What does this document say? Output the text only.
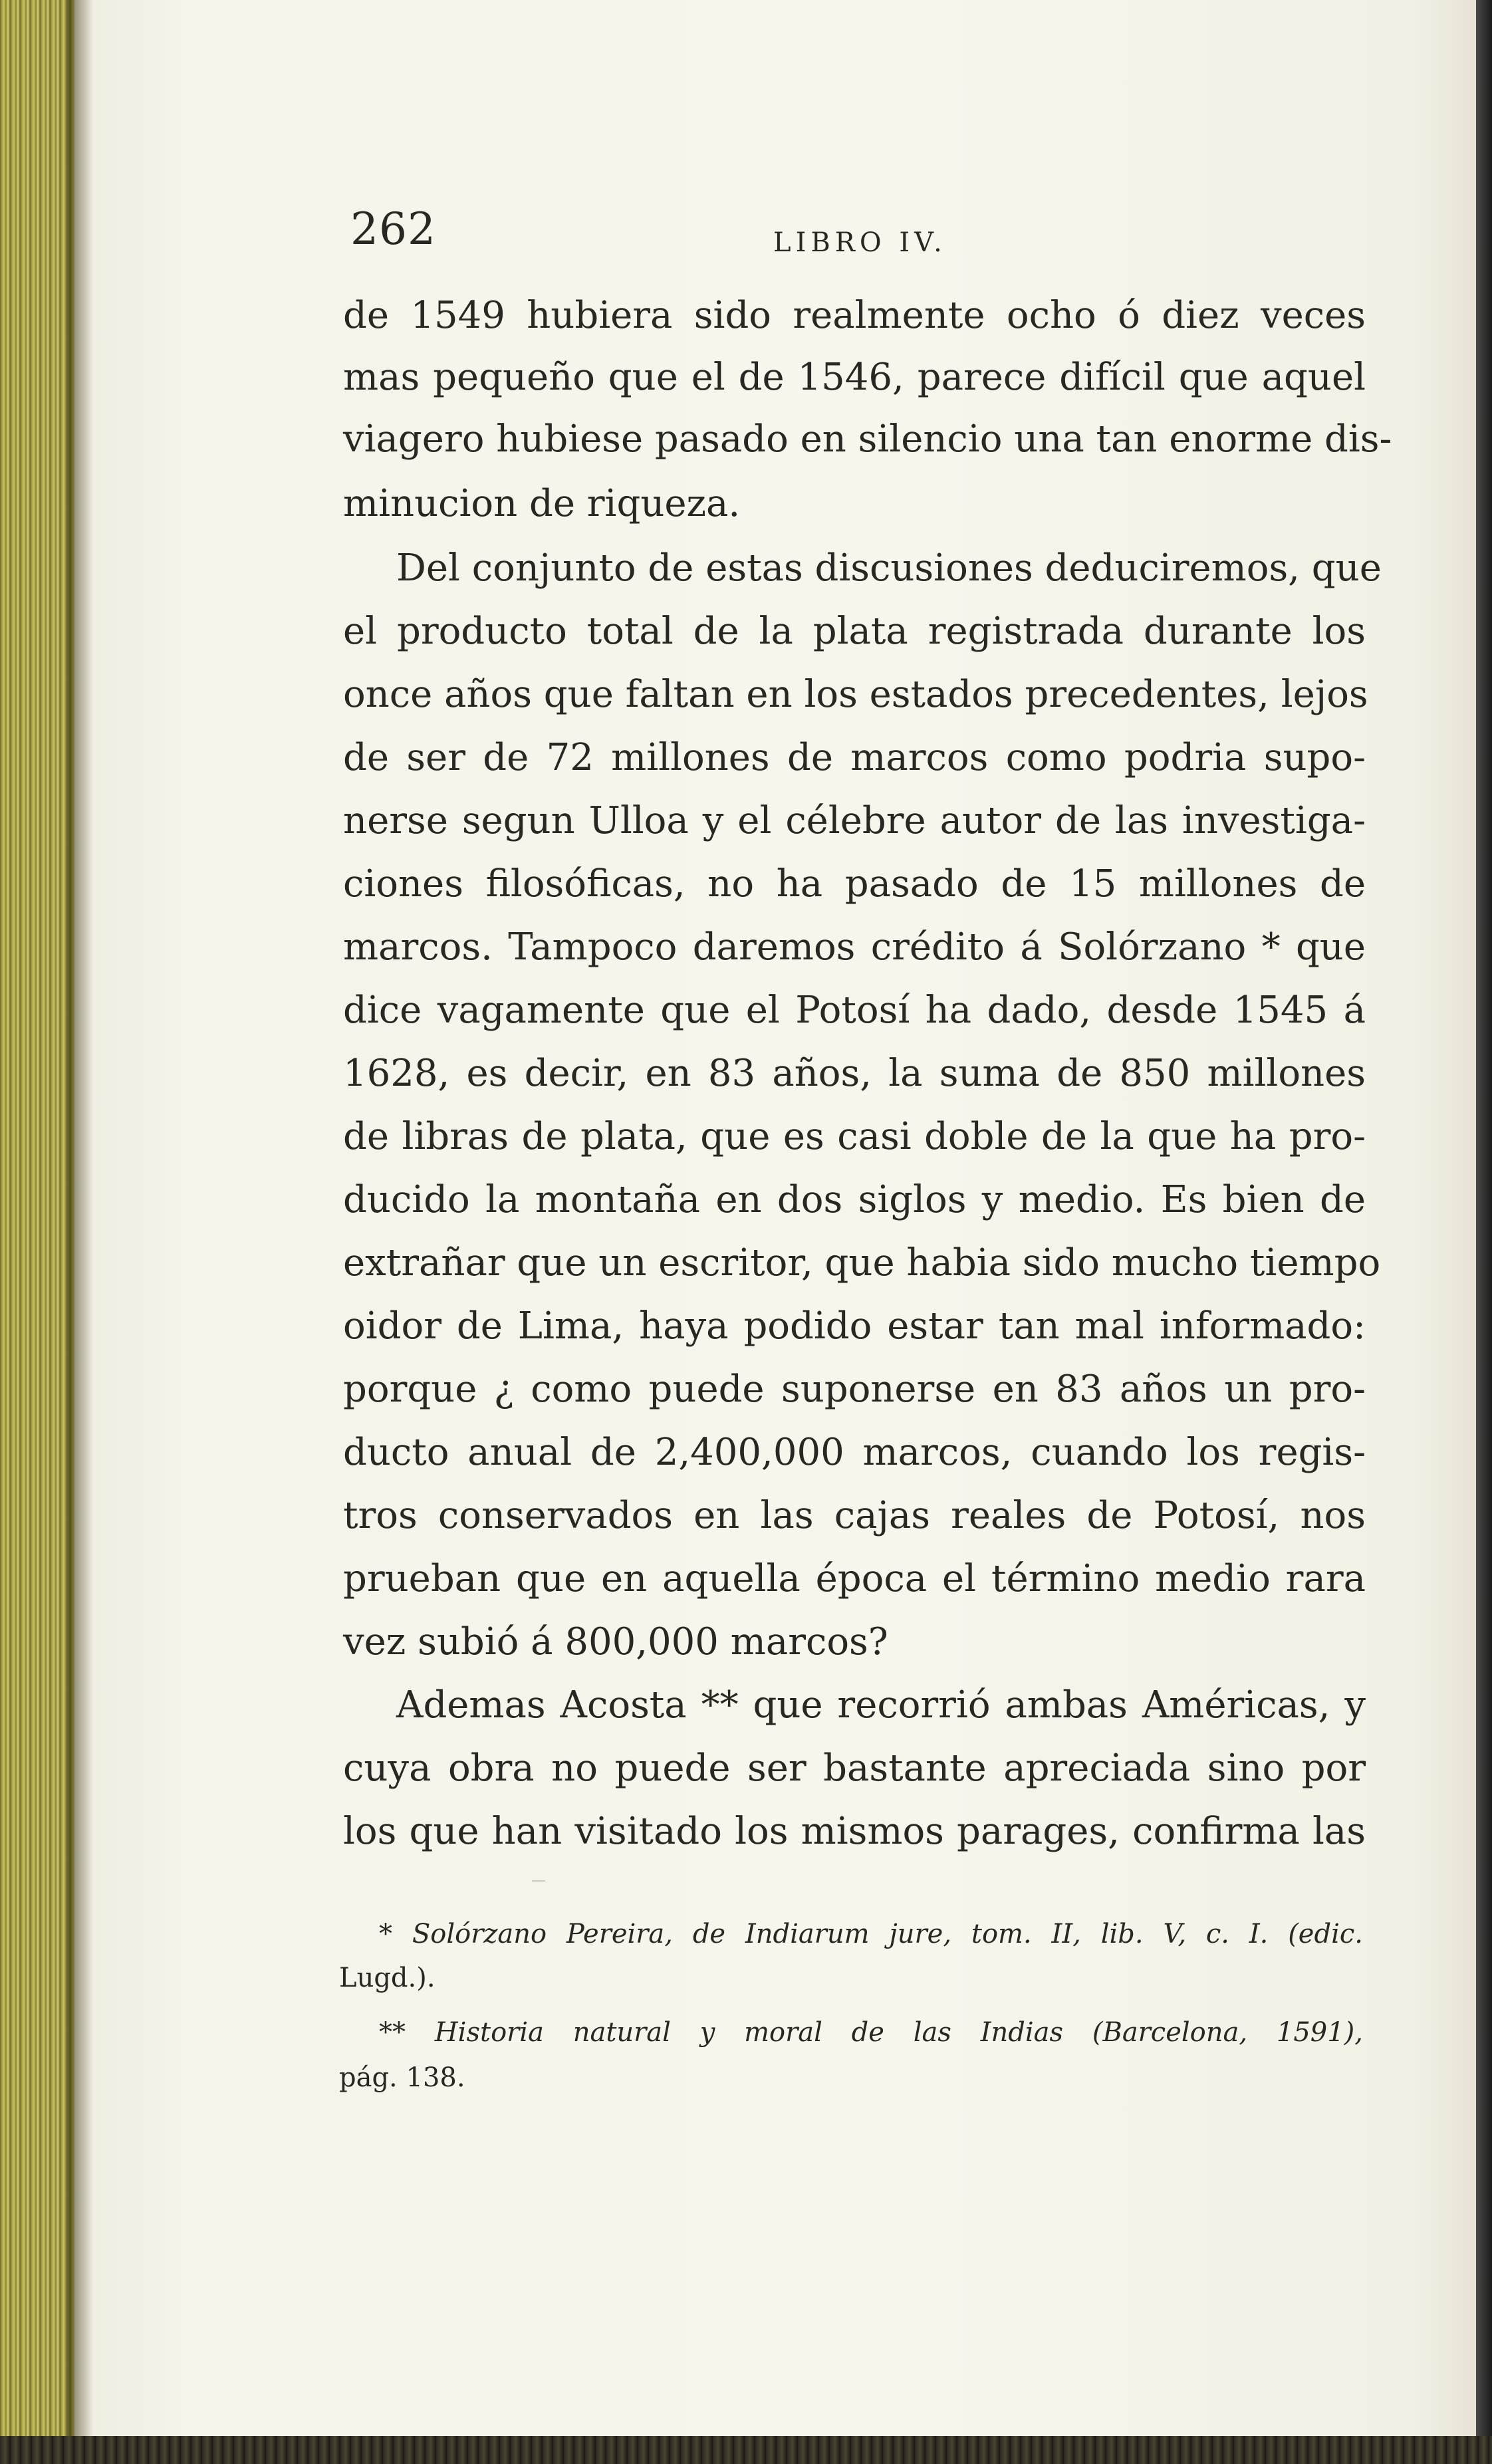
262	LIBRO IV.
de 1549 hubiera sido realmente ocho ó diez veces
mas pequeño que el de 1546, parece difícil que aquel
viagero hubiese pasado en silencio una tan enorme dis-
minucion de riqueza.
Del conjunto de estas discusiones deduciremos, que
el producto total de la plata registrada durante los
once años que faltan en los estados precedentes, lejos
de ser de 72 millones de marcos como podria supo-
nerse segun Ulloa y el célebre autor de las investiga-
ciones filosóficas, no ha pasado de 15 millones de
marcos. Tampoco daremos crédito á Solórzano * que
dice vagamente que el Potosí ha dado, desde 1545 á
1628, es decir, en 83 años, la suma de 850 millones
de libras de plata, que es casi doble de la que ha pro-
ducido la montaña en dos siglos y medio. Es bien de
extrañar que un escritor, que habia sido mucho tiempo
oidor de Lima, haya podido estar tan mal informado:
porque ¿ como puede suponerse en 83 años un pro-
ducto anual de 2,400,000 marcos, cuando los regis-
tros conservados en las cajas reales de Potosí, nos
prueban que en aquella época el término medio rara
vez subió á 800,000 marcos?
Ademas Acosta ** que recorrió ambas Américas, y
cuya obra no puede ser bastante apreciada sino por
los que han visitado los mismos parages, confirma las
* Solórzano Pereira, de Indiarum jure, tom. II, lib. V, c. I. (edic.
Lugd.).
** Historia natural y moral de las Indias (Barcelona, 1591),
pág. 138.
